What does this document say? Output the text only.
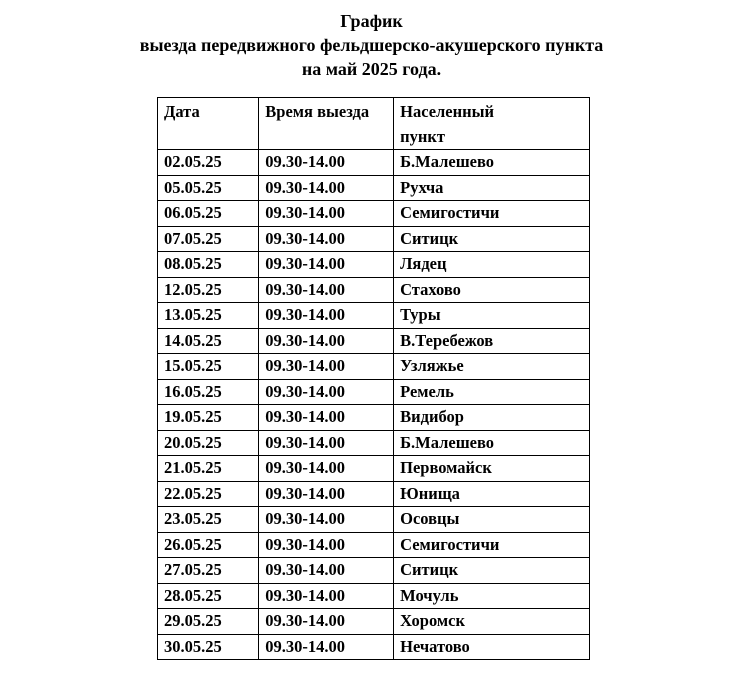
График
выезда передвижного фельдшерско-акушерского пункта
на май 2025 года.
Дата	Время выезда	Населенный
пункт

02.05.25	09.30-14.00	Б.Малешево
05.05.25	09.30-14.00	Рухча
06.05.25	09.30-14.00	Семигостичи
07.05.25	09.30-14.00	Ситицк
08.05.25	09.30-14.00	Лядец
12.05.25	09.30-14.00	Стахово
13.05.25	09.30-14.00	Туры
14.05.25	09.30-14.00	В.Теребежов
15.05.25	09.30-14.00	Узляжье
16.05.25	09.30-14.00	Ремель
19.05.25	09.30-14.00	Видибор
20.05.25	09.30-14.00	Б.Малешево
21.05.25	09.30-14.00	Первомайск
22.05.25	09.30-14.00	Юнища
23.05.25	09.30-14.00	Осовцы
26.05.25	09.30-14.00	Семигостичи
27.05.25	09.30-14.00	Ситицк
28.05.25	09.30-14.00	Мочуль
29.05.25	09.30-14.00	Хоромск
30.05.25	09.30-14.00	Нечатово
